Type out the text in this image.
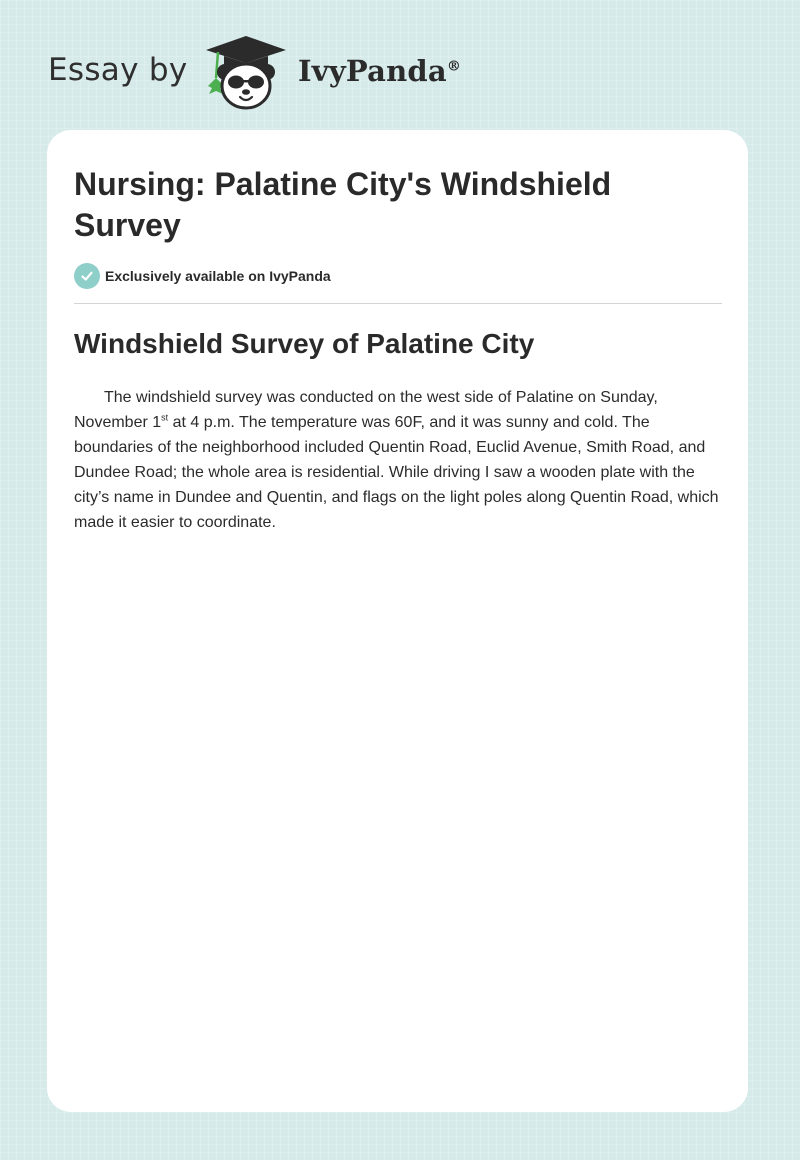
Essay by	IvyPanda®
Nursing: Palatine City's Windshield Survey
Exclusively available on IvyPanda
Windshield Survey of Palatine City

The windshield survey was conducted on the west side of Palatine on Sunday, November 1st at 4 p.m. The temperature was 60F, and it was sunny and cold. The boundaries of the neighborhood included Quentin Road, Euclid Avenue, Smith Road, and Dundee Road; the whole area is residential. While driving I saw a wooden plate with the city’s name in Dundee and Quentin, and flags on the light poles along Quentin Road, which made it easier to coordinate.
